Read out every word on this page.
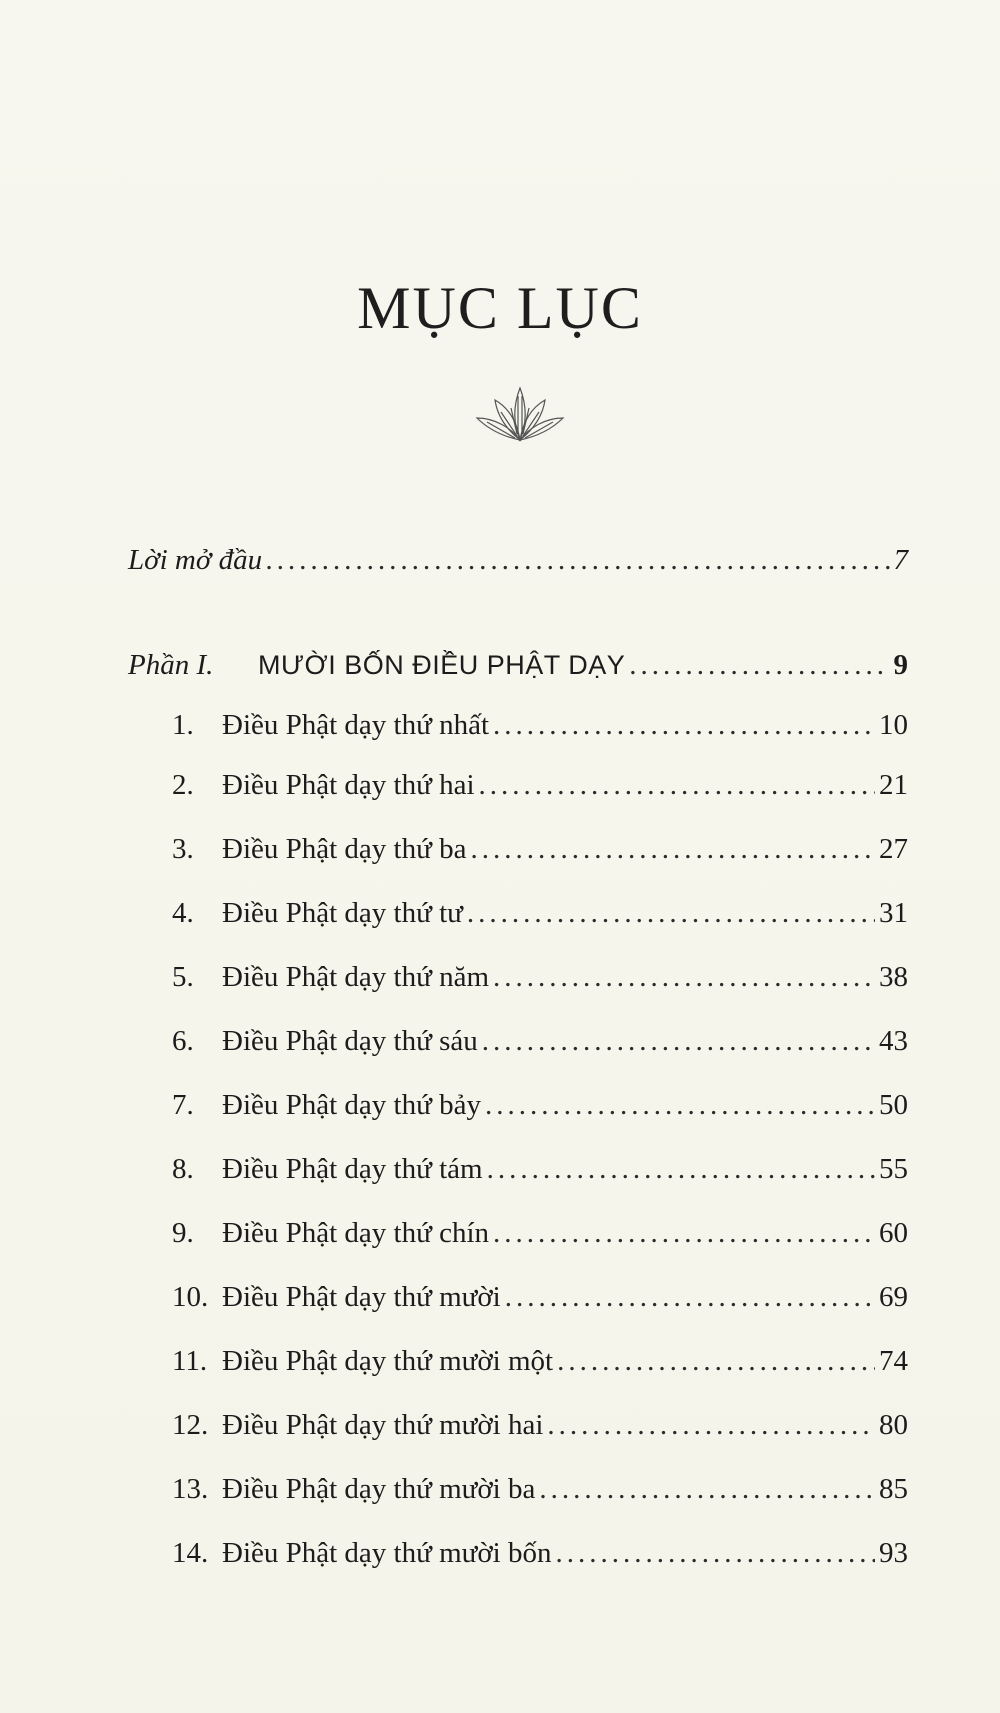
MỤC LỤC
Lời mở đầu .....	7
Phần I.	MƯỜI BỐN ĐIỀU PHẬT DẠY .....	9
1. Điều Phật dạy thứ nhất .....	10
2. Điều Phật dạy thứ hai .....	21
3. Điều Phật dạy thứ ba .....	27
4. Điều Phật dạy thứ tư .....	31
5. Điều Phật dạy thứ năm .....	38
6. Điều Phật dạy thứ sáu .....	43
7. Điều Phật dạy thứ bảy .....	50
8. Điều Phật dạy thứ tám .....	55
9. Điều Phật dạy thứ chín .....	60
10. Điều Phật dạy thứ mười .....	69
11. Điều Phật dạy thứ mười một .....	74
12. Điều Phật dạy thứ mười hai .....	80
13. Điều Phật dạy thứ mười ba .....	85
14. Điều Phật dạy thứ mười bốn .....	93
